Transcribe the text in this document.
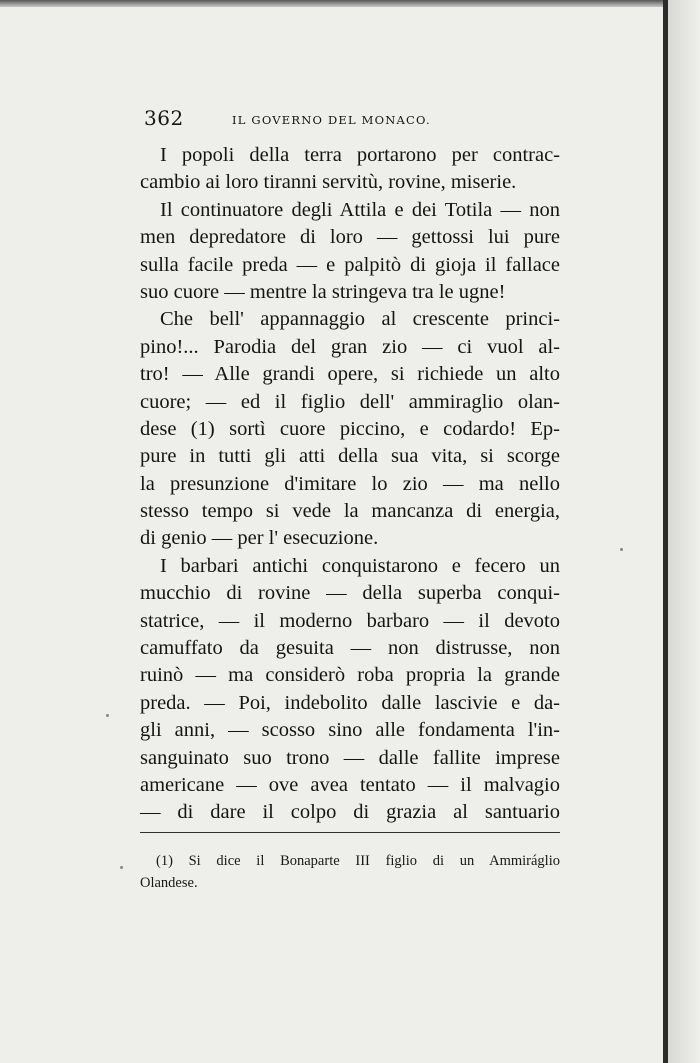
362	IL GOVERNO DEL MONACO.
I popoli della terra portarono per contrac-
cambio ai loro tiranni servitù, rovine, miserie.
Il continuatore degli Attila e dei Totila — non
men depredatore di loro — gettossi lui pure
sulla facile preda — e palpitò di gioja il fallace
suo cuore — mentre la stringeva tra le ugne!
Che bell' appannaggio al crescente princi-
pino!... Parodia del gran zio — ci vuol al-
tro! — Alle grandi opere, si richiede un alto
cuore; — ed il figlio dell' ammiraglio olan-
dese (1) sortì cuore piccino, e codardo! Ep-
pure in tutti gli atti della sua vita, si scorge
la presunzione d'imitare lo zio — ma nello
stesso tempo si vede la mancanza di energia,
di genio — per l' esecuzione.
I barbari antichi conquistarono e fecero un
mucchio di rovine — della superba conqui-
statrice, — il moderno barbaro — il devoto
camuffato da gesuita — non distrusse, non
ruinò — ma considerò roba propria la grande
preda. — Poi, indebolito dalle lascivie e da-
gli anni, — scosso sino alle fondamenta l'in-
sanguinato suo trono — dalle fallite imprese
americane — ove avea tentato — il malvagio
— di dare il colpo di grazia al santuario
(1) Si dice il Bonaparte III figlio di un Ammiráglio
Olandese.
